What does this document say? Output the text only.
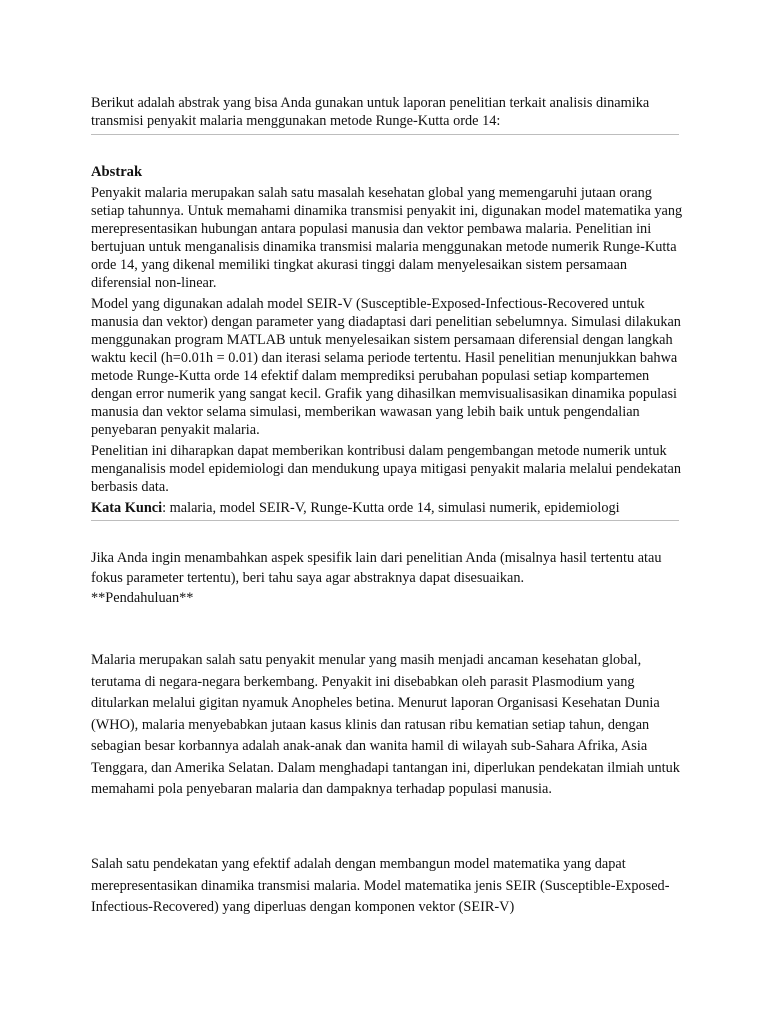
Berikut adalah abstrak yang bisa Anda gunakan untuk laporan penelitian terkait analisis dinamika transmisi penyakit malaria menggunakan metode Runge-Kutta orde 14:

Abstrak

Penyakit malaria merupakan salah satu masalah kesehatan global yang memengaruhi jutaan orang setiap tahunnya. Untuk memahami dinamika transmisi penyakit ini, digunakan model matematika yang merepresentasikan hubungan antara populasi manusia dan vektor pembawa malaria. Penelitian ini bertujuan untuk menganalisis dinamika transmisi malaria menggunakan metode numerik Runge-Kutta orde 14, yang dikenal memiliki tingkat akurasi tinggi dalam menyelesaikan sistem persamaan diferensial non-linear.

Model yang digunakan adalah model SEIR-V (Susceptible-Exposed-Infectious-Recovered untuk manusia dan vektor) dengan parameter yang diadaptasi dari penelitian sebelumnya. Simulasi dilakukan menggunakan program MATLAB untuk menyelesaikan sistem persamaan diferensial dengan langkah waktu kecil (h=0.01h = 0.01) dan iterasi selama periode tertentu. Hasil penelitian menunjukkan bahwa metode Runge-Kutta orde 14 efektif dalam memprediksi perubahan populasi setiap kompartemen dengan error numerik yang sangat kecil. Grafik yang dihasilkan memvisualisasikan dinamika populasi manusia dan vektor selama simulasi, memberikan wawasan yang lebih baik untuk pengendalian penyebaran penyakit malaria.

Penelitian ini diharapkan dapat memberikan kontribusi dalam pengembangan metode numerik untuk menganalisis model epidemiologi dan mendukung upaya mitigasi penyakit malaria melalui pendekatan berbasis data.

Kata Kunci: malaria, model SEIR-V, Runge-Kutta orde 14, simulasi numerik, epidemiologi

Jika Anda ingin menambahkan aspek spesifik lain dari penelitian Anda (misalnya hasil tertentu atau fokus parameter tertentu), beri tahu saya agar abstraknya dapat disesuaikan.

**Pendahuluan**

Malaria merupakan salah satu penyakit menular yang masih menjadi ancaman kesehatan global, terutama di negara-negara berkembang. Penyakit ini disebabkan oleh parasit Plasmodium yang ditularkan melalui gigitan nyamuk Anopheles betina. Menurut laporan Organisasi Kesehatan Dunia (WHO), malaria menyebabkan jutaan kasus klinis dan ratusan ribu kematian setiap tahun, dengan sebagian besar korbannya adalah anak-anak dan wanita hamil di wilayah sub-Sahara Afrika, Asia Tenggara, dan Amerika Selatan. Dalam menghadapi tantangan ini, diperlukan pendekatan ilmiah untuk memahami pola penyebaran malaria dan dampaknya terhadap populasi manusia.

Salah satu pendekatan yang efektif adalah dengan membangun model matematika yang dapat merepresentasikan dinamika transmisi malaria. Model matematika jenis SEIR (Susceptible-Exposed-Infectious-Recovered) yang diperluas dengan komponen vektor (SEIR-V)
